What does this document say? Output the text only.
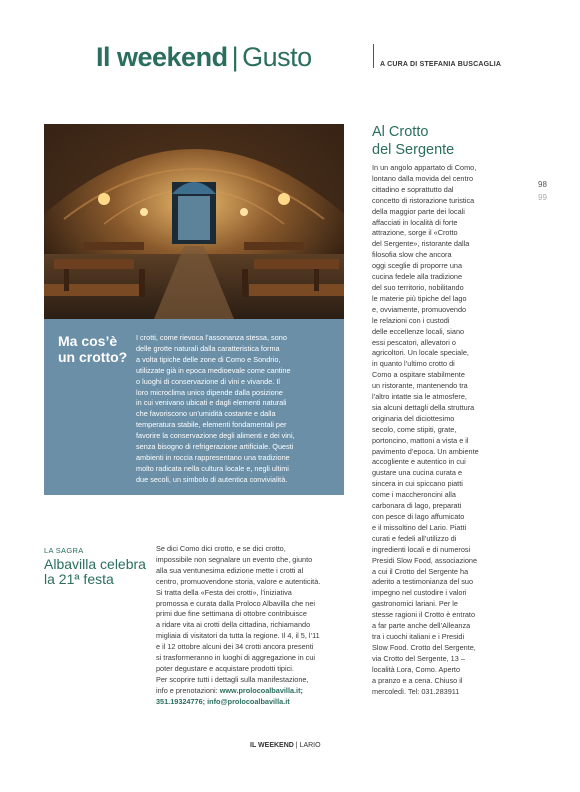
Il weekend | Gusto	A CURA DI STEFANIA BUSCAGLIA
Ma cos’è
un crotto?
I crotti, come rievoca l’assonanza stessa, sono
delle grotte naturali dalla caratteristica forma
a volta tipiche delle zone di Como e Sondrio,
utilizzate già in epoca medioevale come cantine
o luoghi di conservazione di vini e vivande. Il
loro microclima unico dipende dalla posizione
in cui venivano ubicati e dagli elementi naturali
che favoriscono un’umidità costante e dalla
temperatura stabile, elementi fondamentali per
favorire la conservazione degli alimenti e dei vini,
senza bisogno di refrigerazione artificiale. Questi
ambienti in roccia rappresentano una tradizione
molto radicata nella cultura locale e, negli ultimi
due secoli, un simbolo di autentica convivialità.
Al Crotto
del Sergente
In un angolo appartato di Como,
lontano dalla movida del centro
cittadino e soprattutto dal
concetto di ristorazione turistica
della maggior parte dei locali
affacciati in località di forte
attrazione, sorge il «Crotto
del Sergente», ristorante dalla
filosofia slow che ancora
oggi sceglie di proporre una
cucina fedele alla tradizione
del suo territorio, nobilitando
le materie più tipiche del lago
e, ovviamente, promuovendo
le relazioni con i custodi
delle eccellenze locali, siano
essi pescatori, allevatori o
agricoltori. Un locale speciale,
in quanto l’ultimo crotto di
Como a ospitare stabilmente
un ristorante, mantenendo tra
l’altro intatte sia le atmosfere,
sia alcuni dettagli della struttura
originaria del diciottesimo
secolo, come stipiti, grate,
portoncino, mattoni a vista e il
pavimento d’epoca. Un ambiente
accogliente e autentico in cui
gustare una cucina curata e
sincera in cui spiccano piatti
come i maccheroncini alla
carbonara di lago, preparati
con pesce di lago affumicato
e il missoltino del Lario. Piatti
curati e fedeli all’utilizzo di
ingredienti locali e di numerosi
Presidi Slow Food, associazione
a cui il Crotto del Sergente ha
aderito a testimonianza del suo
impegno nel custodire i valori
gastronomici lariani. Per le
stesse ragioni il Crotto è entrato
a far parte anche dell’Alleanza
tra i cuochi italiani e i Presidi
Slow Food. Crotto del Sergente,
via Crotto del Sergente, 13 –
località Lora, Como. Aperto
a pranzo e a cena. Chiuso il
mercoledì. Tel: 031.283911
98
99
LA SAGRA
Albavilla celebra
la 21ª festa
Se dici Como dici crotto, e se dici crotto,
impossibile non segnalare un evento che, giunto
alla sua ventunesima edizione mette i crotti al
centro, promuovendone storia, valore e autenticità.
Si tratta della «Festa dei crotti», l’iniziativa
promossa e curata dalla Proloco Albavilla che nei
primi due fine settimana di ottobre contribuisce
a ridare vita ai crotti della cittadina, richiamando
migliaia di visitatori da tutta la regione. Il 4, il 5, l’11
e il 12 ottobre alcuni dei 34 crotti ancora presenti
si trasformeranno in luoghi di aggregazione in cui
poter degustare e acquistare prodotti tipici.
Per scoprire tutti i dettagli sulla manifestazione,
info e prenotazioni: www.prolocoalbavilla.it;
351.19324776; info@prolocoalbavilla.it
IL WEEKEND | LARIO
